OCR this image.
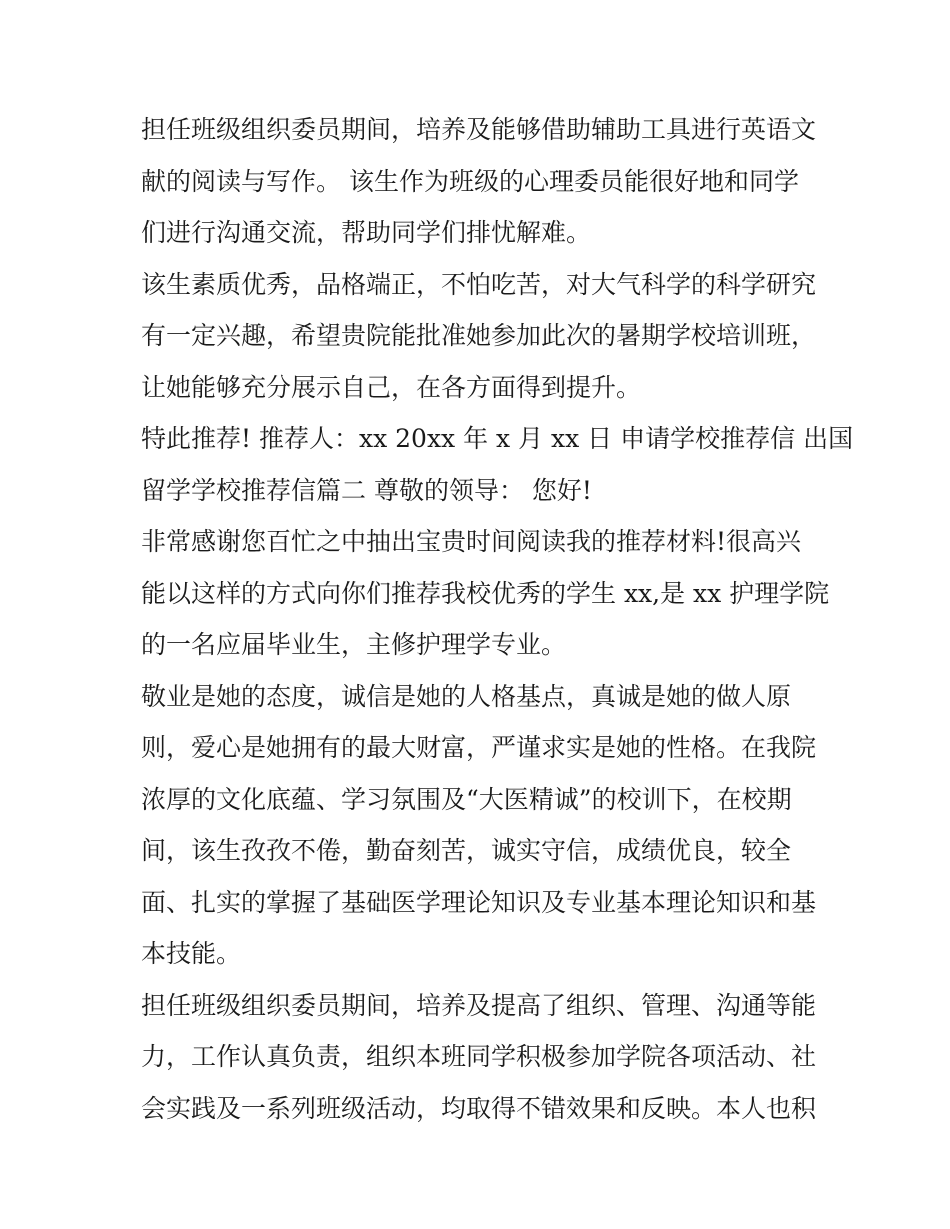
担任班级组织委员期间，培养及能够借助辅助工具进行英语文
献的阅读与写作。 该生作为班级的心理委员能很好地和同学
们进行沟通交流，帮助同学们排忧解难。
该生素质优秀，品格端正，不怕吃苦，对大气科学的科学研究
有一定兴趣，希望贵院能批准她参加此次的暑期学校培训班，
让她能够充分展示自己，在各方面得到提升。
特此推荐! 推荐人：xx 20xx 年 x 月 xx 日 申请学校推荐信 出国
留学学校推荐信篇二 尊敬的领导： 您好!
非常感谢您百忙之中抽出宝贵时间阅读我的推荐材料!很高兴
能以这样的方式向你们推荐我校优秀的学生 xx,是 xx 护理学院
的一名应届毕业生，主修护理学专业。
敬业是她的态度，诚信是她的人格基点，真诚是她的做人原
则，爱心是她拥有的最大财富，严谨求实是她的性格。在我院
浓厚的文化底蕴、学习氛围及“大医精诚”的校训下，在校期
间，该生孜孜不倦，勤奋刻苦，诚实守信，成绩优良，较全
面、扎实的掌握了基础医学理论知识及专业基本理论知识和基
本技能。
担任班级组织委员期间，培养及提高了组织、管理、沟通等能
力，工作认真负责，组织本班同学积极参加学院各项活动、社
会实践及一系列班级活动，均取得不错效果和反映。本人也积
